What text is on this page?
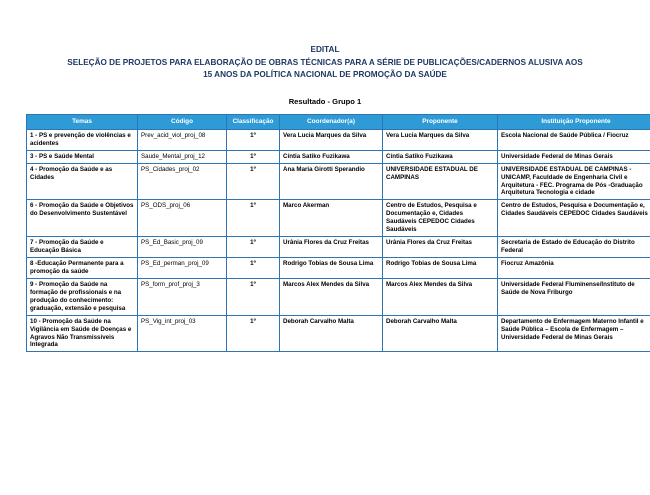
EDITAL
SELEÇÃO DE PROJETOS PARA ELABORAÇÃO DE OBRAS TÉCNICAS PARA A SÉRIE DE PUBLICAÇÕES/CADERNOS ALUSIVA AOS
15 ANOS DA POLÍTICA NACIONAL DE PROMOÇÃO DA SAÚDE
Resultado - Grupo 1
Temas	Código	Classificação	Coordenador(a)	Proponente	Instituição Proponente
1 - PS e prevenção de violências e acidentes	Prev_acid_viol_proj_08	1º	Vera Lucia Marques da Silva	Vera Lucia Marques da Silva	Escola Nacional de Saúde Pública / Fiocruz
3 - PS e Saúde Mental	Saude_Mental_proj_12	1º	Cíntia Satiko Fuzikawa	Cíntia Satiko Fuzikawa	Universidade Federal de Minas Gerais
4 - Promoção da Saúde e as Cidades	PS_Cidades_proj_02	1º	Ana Maria Girotti Sperandio	UNIVERSIDADE ESTADUAL DE CAMPINAS	UNIVERSIDADE ESTADUAL DE CAMPINAS - UNICAMP, Faculdade de Engenharia Civil e Arquitetura - FEC. Programa de Pós -Graduação Arquitetura Tecnologia e cidade
6 - Promoção da Saúde e Objetivos do Desenvolvimento Sustentável	PS_ODS_proj_06	1º	Marco Akerman	Centro de Estudos, Pesquisa e Documentação e, Cidades Saudáveis CEPEDOC Cidades Saudáveis	Centro de Estudos, Pesquisa e Documentação e, Cidades Saudáveis CEPEDOC Cidades Saudáveis
7 - Promoção da Saúde e Educação Básica	PS_Ed_Basic_proj_09	1º	Urânia Flores da Cruz Freitas	Urânia Flores da Cruz Freitas	Secretaria de Estado de Educação do Distrito Federal
8 -Educação Permanente para a promoção da saúde	PS_Ed_perman_proj_09	1º	Rodrigo Tobias de Sousa Lima	Rodrigo Tobias de Sousa Lima	Fiocruz Amazônia
9 - Promoção da Saúde na formação de profissionais e na produção do conhecimento: graduação, extensão e pesquisa	PS_form_prof_proj_3	1º	Marcos Alex Mendes da Silva	Marcos Alex Mendes da Silva	Universidade Federal Fluminense/Instituto de Saúde de Nova Friburgo
10 - Promoção da Saúde na Vigilância em Saúde de Doenças e Agravos Não Transmissíveis Integrada	PS_Vig_int_proj_03	1º	Deborah Carvalho Malta	Deborah Carvalho Malta	Departamento de Enfermagem Materno Infantil e Saúde Pública – Escola de Enfermagem – Universidade Federal de Minas Gerais
